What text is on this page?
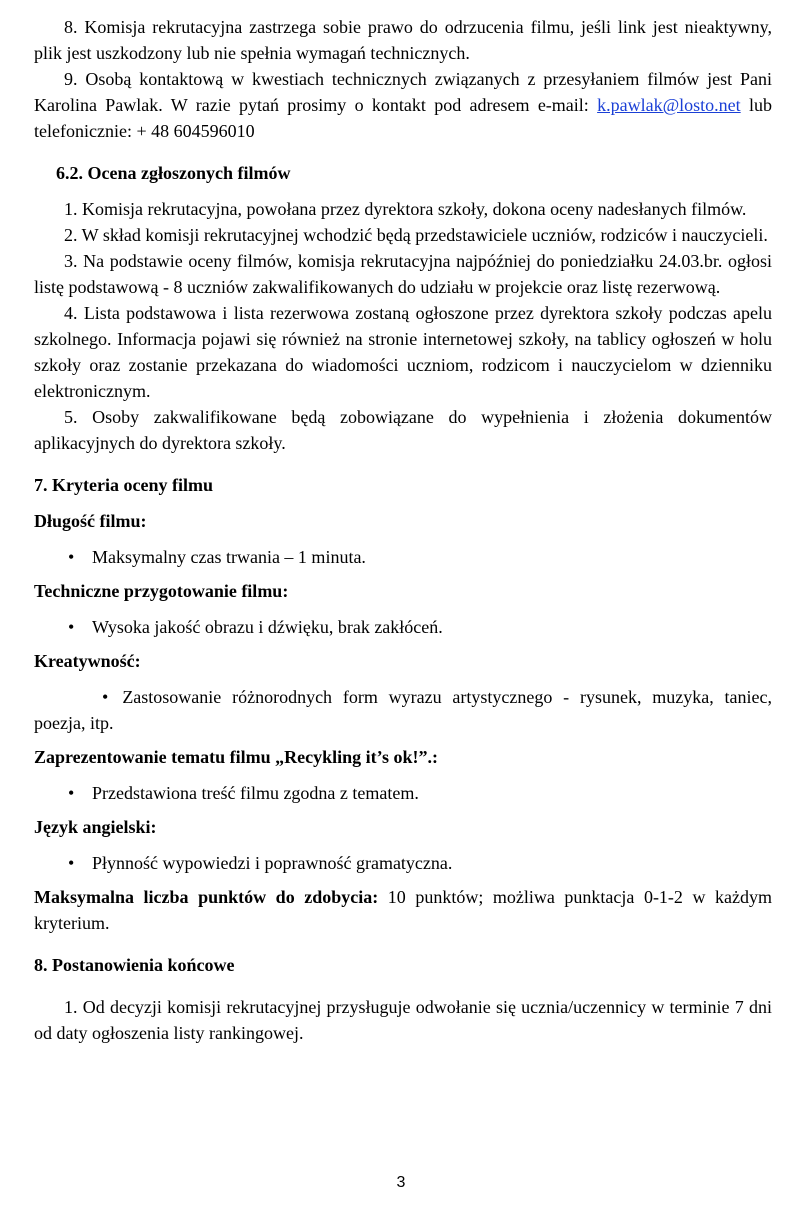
8. Komisja rekrutacyjna zastrzega sobie prawo do odrzucenia filmu, jeśli link jest nieaktywny, plik jest uszkodzony lub nie spełnia wymagań technicznych.

9. Osobą kontaktową w kwestiach technicznych związanych z przesyłaniem filmów jest Pani Karolina Pawlak. W razie pytań prosimy o kontakt pod adresem e-mail: k.pawlak@losto.net lub telefonicznie: + 48 604596010

6.2. Ocena zgłoszonych filmów

1. Komisja rekrutacyjna, powołana przez dyrektora szkoły, dokona oceny nadesłanych filmów.

2. W skład komisji rekrutacyjnej wchodzić będą przedstawiciele uczniów, rodziców i nauczycieli.

3. Na podstawie oceny filmów, komisja rekrutacyjna najpóźniej do poniedziałku 24.03.br. ogłosi listę podstawową - 8 uczniów zakwalifikowanych do udziału w projekcie oraz listę rezerwową.

4. Lista podstawowa i lista rezerwowa zostaną ogłoszone przez dyrektora szkoły podczas apelu szkolnego. Informacja pojawi się również na stronie internetowej szkoły, na tablicy ogłoszeń w holu szkoły oraz zostanie przekazana do wiadomości uczniom, rodzicom i nauczycielom w dzienniku elektronicznym.

5. Osoby zakwalifikowane będą zobowiązane do wypełnienia i złożenia dokumentów aplikacyjnych do dyrektora szkoły.

7. Kryteria oceny filmu

Długość filmu:

• Maksymalny czas trwania – 1 minuta.

Techniczne przygotowanie filmu:

• Wysoka jakość obrazu i dźwięku, brak zakłóceń.

Kreatywność:

• Zastosowanie różnorodnych form wyrazu artystycznego - rysunek, muzyka, taniec, poezja, itp.

Zaprezentowanie tematu filmu „Recykling it’s ok!”.:

• Przedstawiona treść filmu zgodna z tematem.

Język angielski:

• Płynność wypowiedzi i poprawność gramatyczna.

Maksymalna liczba punktów do zdobycia: 10 punktów; możliwa punktacja 0-1-2 w każdym kryterium.

8. Postanowienia końcowe

1. Od decyzji komisji rekrutacyjnej przysługuje odwołanie się ucznia/uczennicy w terminie 7 dni od daty ogłoszenia listy rankingowej.

3
